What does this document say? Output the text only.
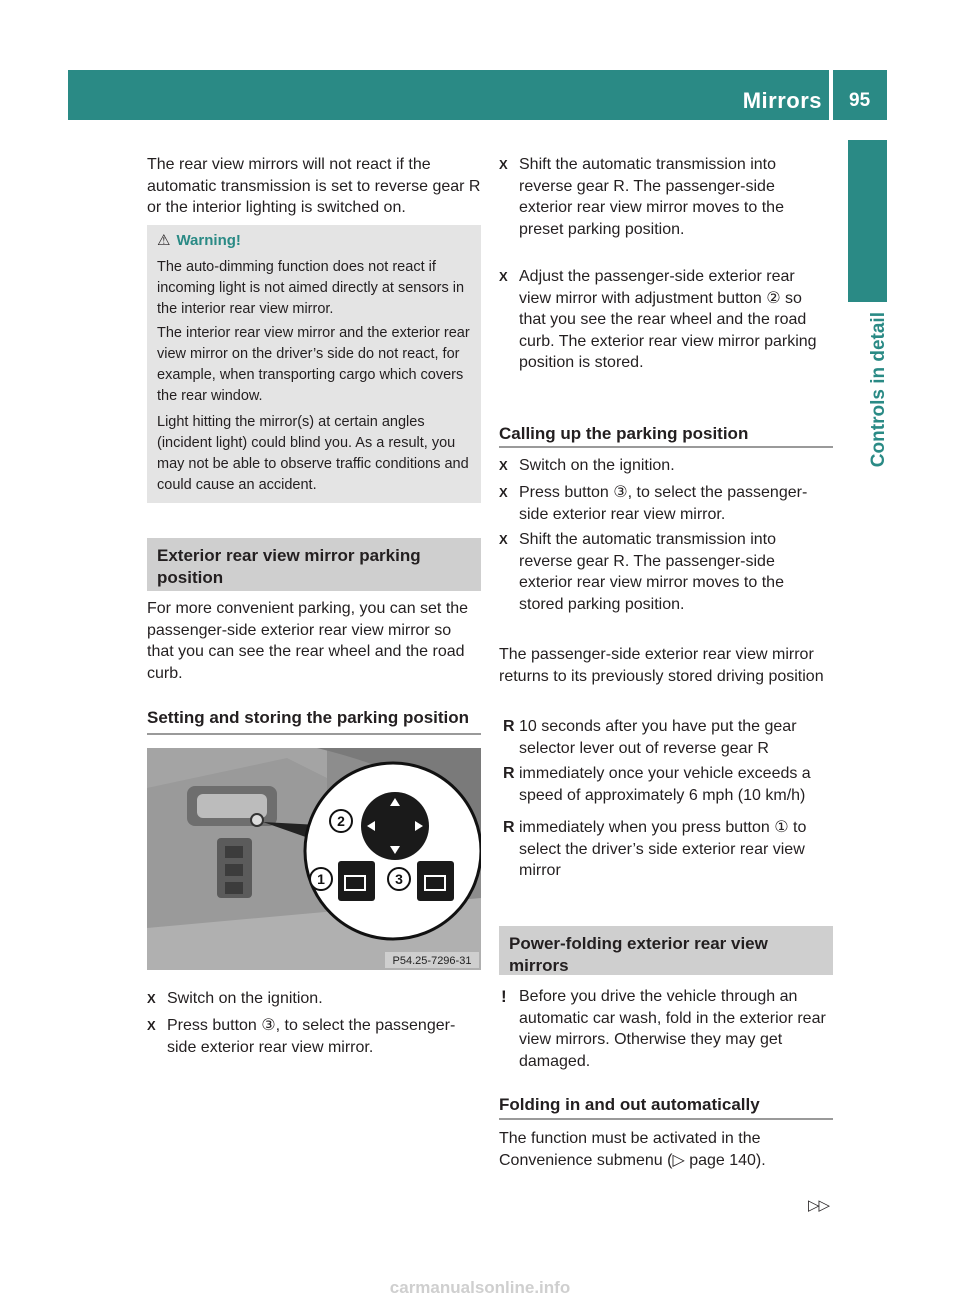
Mirrors 95
Controls in detail

The rear view mirrors will not react if the automatic transmission is set to reverse gear R or the interior lighting is switched on.

⚠ Warning!

The auto-dimming function does not react if incoming light is not aimed directly at sensors in the interior rear view mirror.

The interior rear view mirror and the exterior rear view mirror on the driver’s side do not react, for example, when transporting cargo which covers the rear window.

Light hitting the mirror(s) at certain angles (incident light) could blind you. As a result, you may not be able to observe traffic conditions and could cause an accident.

Exterior rear view mirror parking position

For more convenient parking, you can set the passenger-side exterior rear view mirror so that you can see the rear wheel and the road curb.

Setting and storing the parking position
2
1	3
P54.25-7296-31
X Switch on the ignition.

X Press button ③, to select the passenger-side exterior rear view mirror.

X Shift the automatic transmission into reverse gear R. The passenger-side exterior rear view mirror moves to the preset parking position.

X Adjust the passenger-side exterior rear view mirror with adjustment button ② so that you see the rear wheel and the road curb. The exterior rear view mirror parking position is stored.

Calling up the parking position
X Switch on the ignition.

X Press button ③, to select the passenger-side exterior rear view mirror.

X Shift the automatic transmission into reverse gear R. The passenger-side exterior rear view mirror moves to the stored parking position.

The passenger-side exterior rear view mirror returns to its previously stored driving position

R 10 seconds after you have put the gear selector lever out of reverse gear R

R immediately once your vehicle exceeds a speed of approximately 6 mph (10 km/h)

R immediately when you press button ① to select the driver’s side exterior rear view mirror

Power-folding exterior rear view mirrors
! Before you drive the vehicle through an automatic car wash, fold in the exterior rear view mirrors. Otherwise they may get damaged.

Folding in and out automatically

The function must be activated in the Convenience submenu (▷ page 140).

▷▷
carmanualsonline.info
